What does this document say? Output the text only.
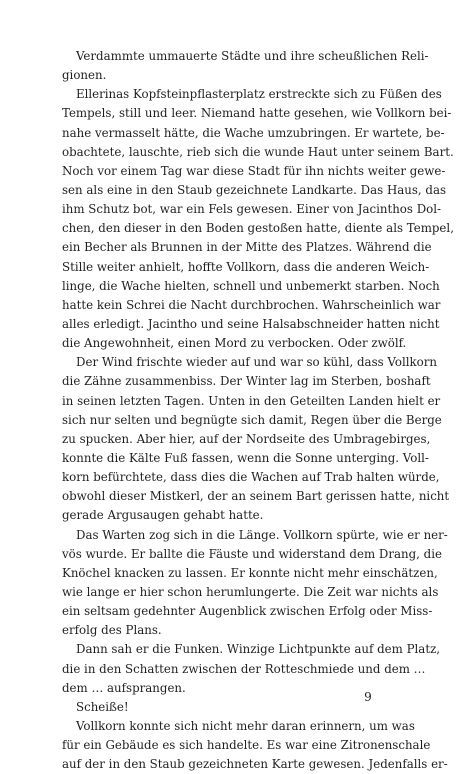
Verdammte ummauerte Städte und ihre scheußlichen Reli-
gionen.
Ellerinas Kopfsteinpflasterplatz erstreckte sich zu Füßen des
Tempels, still und leer. Niemand hatte gesehen, wie Vollkorn bei-
nahe vermasselt hätte, die Wache umzubringen. Er wartete, be-
obachtete, lauschte, rieb sich die wunde Haut unter seinem Bart.
Noch vor einem Tag war diese Stadt für ihn nichts weiter gewe-
sen als eine in den Staub gezeichnete Landkarte. Das Haus, das
ihm Schutz bot, war ein Fels gewesen. Einer von Jacinthos Dol-
chen, den dieser in den Boden gestoßen hatte, diente als Tempel,
ein Becher als Brunnen in der Mitte des Platzes. Während die
Stille weiter anhielt, hoffte Vollkorn, dass die anderen Weich-
linge, die Wache hielten, schnell und unbemerkt starben. Noch
hatte kein Schrei die Nacht durchbrochen. Wahrscheinlich war
alles erledigt. Jacintho und seine Halsabschneider hatten nicht
die Angewohnheit, einen Mord zu verbocken. Oder zwölf.
Der Wind frischte wieder auf und war so kühl, dass Vollkorn
die Zähne zusammenbiss. Der Winter lag im Sterben, boshaft
in seinen letzten Tagen. Unten in den Geteilten Landen hielt er
sich nur selten und begnügte sich damit, Regen über die Berge
zu spucken. Aber hier, auf der Nordseite des Umbragebirges,
konnte die Kälte Fuß fassen, wenn die Sonne unterging. Voll-
korn befürchtete, dass dies die Wachen auf Trab halten würde,
obwohl dieser Mistkerl, der an seinem Bart gerissen hatte, nicht
gerade Argusaugen gehabt hatte.
Das Warten zog sich in die Länge. Vollkorn spürte, wie er ner-
vös wurde. Er ballte die Fäuste und widerstand dem Drang, die
Knöchel knacken zu lassen. Er konnte nicht mehr einschätzen,
wie lange er hier schon herumlungerte. Die Zeit war nichts als
ein seltsam gedehnter Augenblick zwischen Erfolg oder Miss-
erfolg des Plans.
Dann sah er die Funken. Winzige Lichtpunkte auf dem Platz,
die in den Schatten zwischen der Rotteschmiede und dem …
dem … aufsprangen.
Scheiße!
Vollkorn konnte sich nicht mehr daran erinnern, um was
für ein Gebäude es sich handelte. Es war eine Zitronenschale
auf der in den Staub gezeichneten Karte gewesen. Jedenfalls er-
9
